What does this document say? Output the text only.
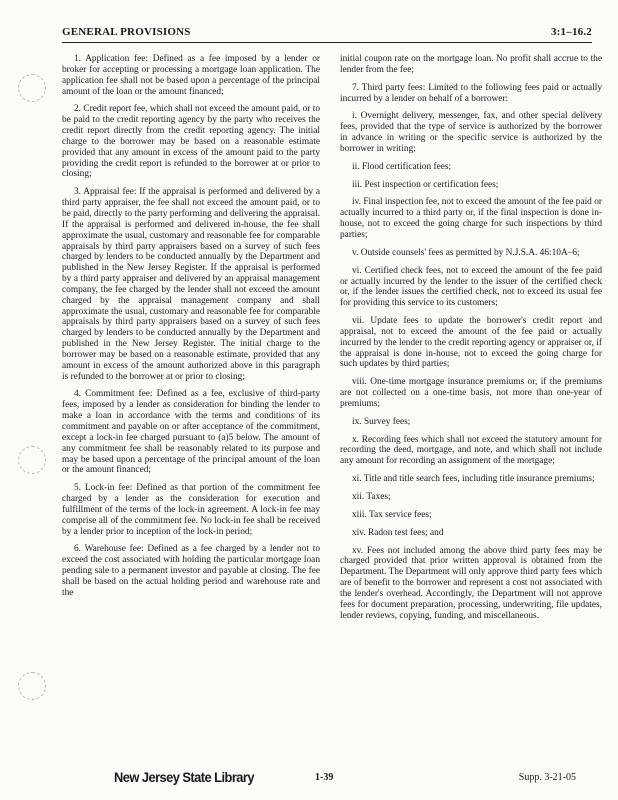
GENERAL PROVISIONS	3:1–16.2

1. Application fee: Defined as a fee imposed by a lender or broker for accepting or processing a mortgage loan application. The application fee shall not be based upon a percentage of the principal amount of the loan or the amount financed;

2. Credit report fee, which shall not exceed the amount paid, or to be paid to the credit reporting agency by the party who receives the credit report directly from the credit reporting agency. The initial charge to the borrower may be based on a reasonable estimate provided that any amount in excess of the amount paid to the party providing the credit report is refunded to the borrower at or prior to closing;

3. Appraisal fee: If the appraisal is performed and delivered by a third party appraiser, the fee shall not exceed the amount paid, or to be paid, directly to the party performing and delivering the appraisal. If the appraisal is performed and delivered in-house, the fee shall approximate the usual, customary and reasonable fee for comparable appraisals by third party appraisers based on a survey of such fees charged by lenders to be conducted annually by the Department and published in the New Jersey Register. If the appraisal is performed by a third party appraiser and delivered by an appraisal management company, the fee charged by the lender shall not exceed the amount charged by the appraisal management company and shall approximate the usual, customary and reasonable fee for comparable appraisals by third party appraisers based on a survey of such fees charged by lenders to be conducted annually by the Department and published in the New Jersey Register. The initial charge to the borrower may be based on a reasonable estimate, provided that any amount in excess of the amount authorized above in this paragraph is refunded to the borrower at or prior to closing;

4. Commitment fee: Defined as a fee, exclusive of third-party fees, imposed by a lender as consideration for binding the lender to make a loan in accordance with the terms and conditions of its commitment and payable on or after acceptance of the commitment, except a lock-in fee charged pursuant to (a)5 below. The amount of any commitment fee shall be reasonably related to its purpose and may be based upon a percentage of the principal amount of the loan or the amount financed;

5. Lock-in fee: Defined as that portion of the commitment fee charged by a lender as the consideration for execution and fulfillment of the terms of the lock-in agreement. A lock-in fee may comprise all of the commitment fee. No lock-in fee shall be received by a lender prior to inception of the lock-in period;

6. Warehouse fee: Defined as a fee charged by a lender not to exceed the cost associated with holding the particular mortgage loan pending sale to a permanent investor and payable at closing. The fee shall be based on the actual holding period and warehouse rate and the

initial coupon rate on the mortgage loan. No profit shall accrue to the lender from the fee;

7. Third party fees: Limited to the following fees paid or actually incurred by a lender on behalf of a borrower:

i. Overnight delivery, messenger, fax, and other special delivery fees, provided that the type of service is authorized by the borrower in advance in writing or the specific service is authorized by the borrower in writing;

ii. Flood certification fees;

iii. Pest inspection or certification fees;

iv. Final inspection fee, not to exceed the amount of the fee paid or actually incurred to a third party or, if the final inspection is done in-house, not to exceed the going charge for such inspections by third parties;

v. Outside counsels' fees as permitted by N.J.S.A. 46:10A–6;

vi. Certified check fees, not to exceed the amount of the fee paid or actually incurred by the lender to the issuer of the certified check or, if the lender issues the certified check, not to exceed its usual fee for providing this service to its customers;

vii. Update fees to update the borrower's credit report and appraisal, not to exceed the amount of the fee paid or actually incurred by the lender to the credit reporting agency or appraiser or, if the appraisal is done in-house, not to exceed the going charge for such updates by third parties;

viii. One-time mortgage insurance premiums or, if the premiums are not collected on a one-time basis, not more than one-year of premiums;

ix. Survey fees;

x. Recording fees which shall not exceed the statutory amount for recording the deed, mortgage, and note, and which shall not include any amount for recording an assignment of the mortgage;

xi. Title and title search fees, including title insurance premiums;

xii. Taxes;

xiii. Tax service fees;

xiv. Radon test fees; and

xv. Fees not included among the above third party fees may be charged provided that prior written approval is obtained from the Department. The Department will only approve third party fees which are of benefit to the borrower and represent a cost not associated with the lender's overhead. Accordingly, the Department will not approve fees for document preparation, processing, underwriting, file updates, lender reviews, copying, funding, and miscellaneous.

New Jersey State Library	1-39	Supp. 3-21-05
